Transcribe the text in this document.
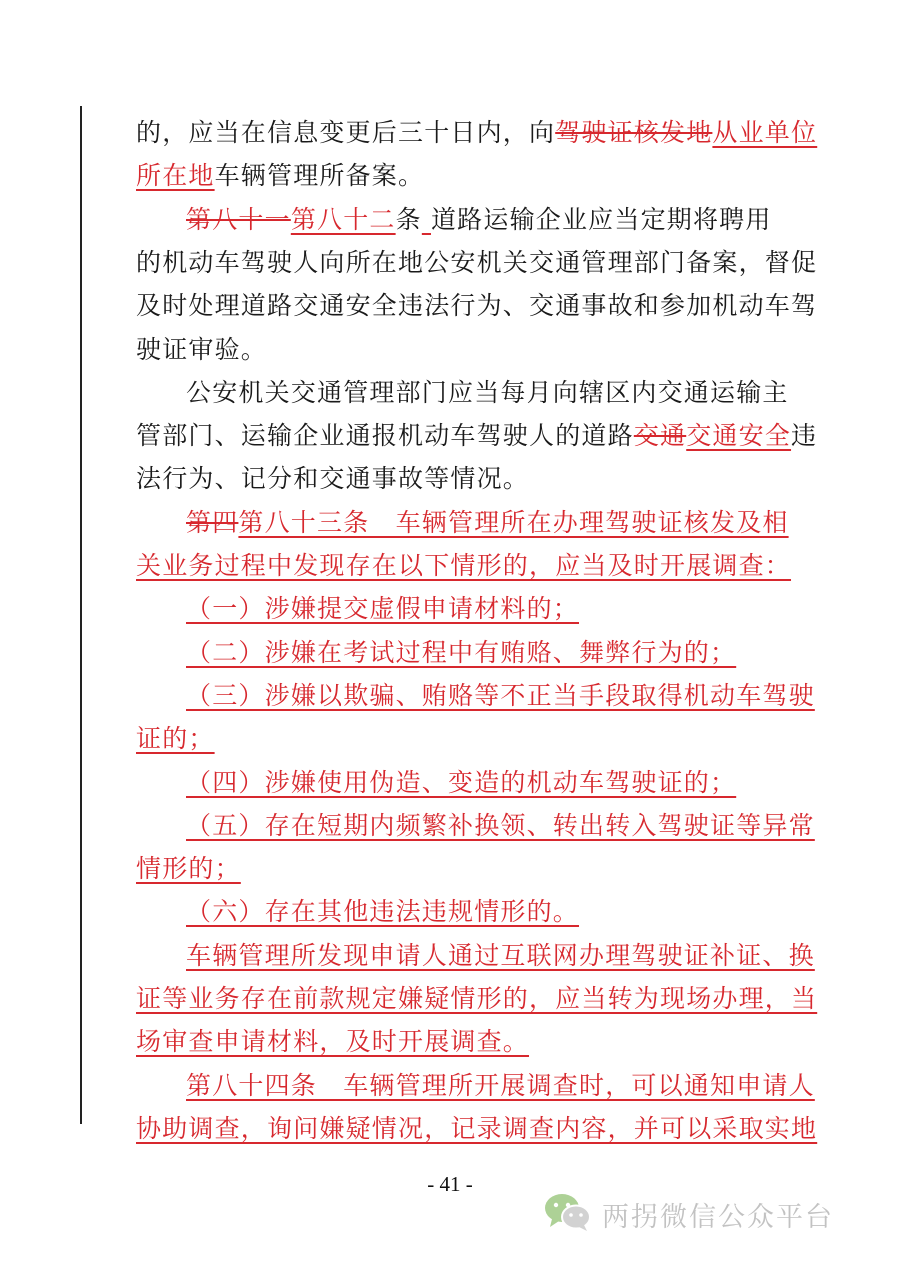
的，应当在信息变更后三十日内，向驾驶证核发地从业单位
所在地车辆管理所备案。
第八十一第八十二条 道路运输企业应当定期将聘用
的机动车驾驶人向所在地公安机关交通管理部门备案，督促
及时处理道路交通安全违法行为、交通事故和参加机动车驾
驶证审验。
公安机关交通管理部门应当每月向辖区内交通运输主
管部门、运输企业通报机动车驾驶人的道路交通交通安全违
法行为、记分和交通事故等情况。
第四第八十三条　车辆管理所在办理驾驶证核发及相
关业务过程中发现存在以下情形的，应当及时开展调查：
（一）涉嫌提交虚假申请材料的；
（二）涉嫌在考试过程中有贿赂、舞弊行为的；
（三）涉嫌以欺骗、贿赂等不正当手段取得机动车驾驶
证的；
（四）涉嫌使用伪造、变造的机动车驾驶证的；
（五）存在短期内频繁补换领、转出转入驾驶证等异常
情形的；
（六）存在其他违法违规情形的。
车辆管理所发现申请人通过互联网办理驾驶证补证、换
证等业务存在前款规定嫌疑情形的，应当转为现场办理，当
场审查申请材料，及时开展调查。
第八十四条　车辆管理所开展调查时，可以通知申请人
协助调查，询问嫌疑情况，记录调查内容，并可以采取实地
- 41 -
两拐微信公众平台
